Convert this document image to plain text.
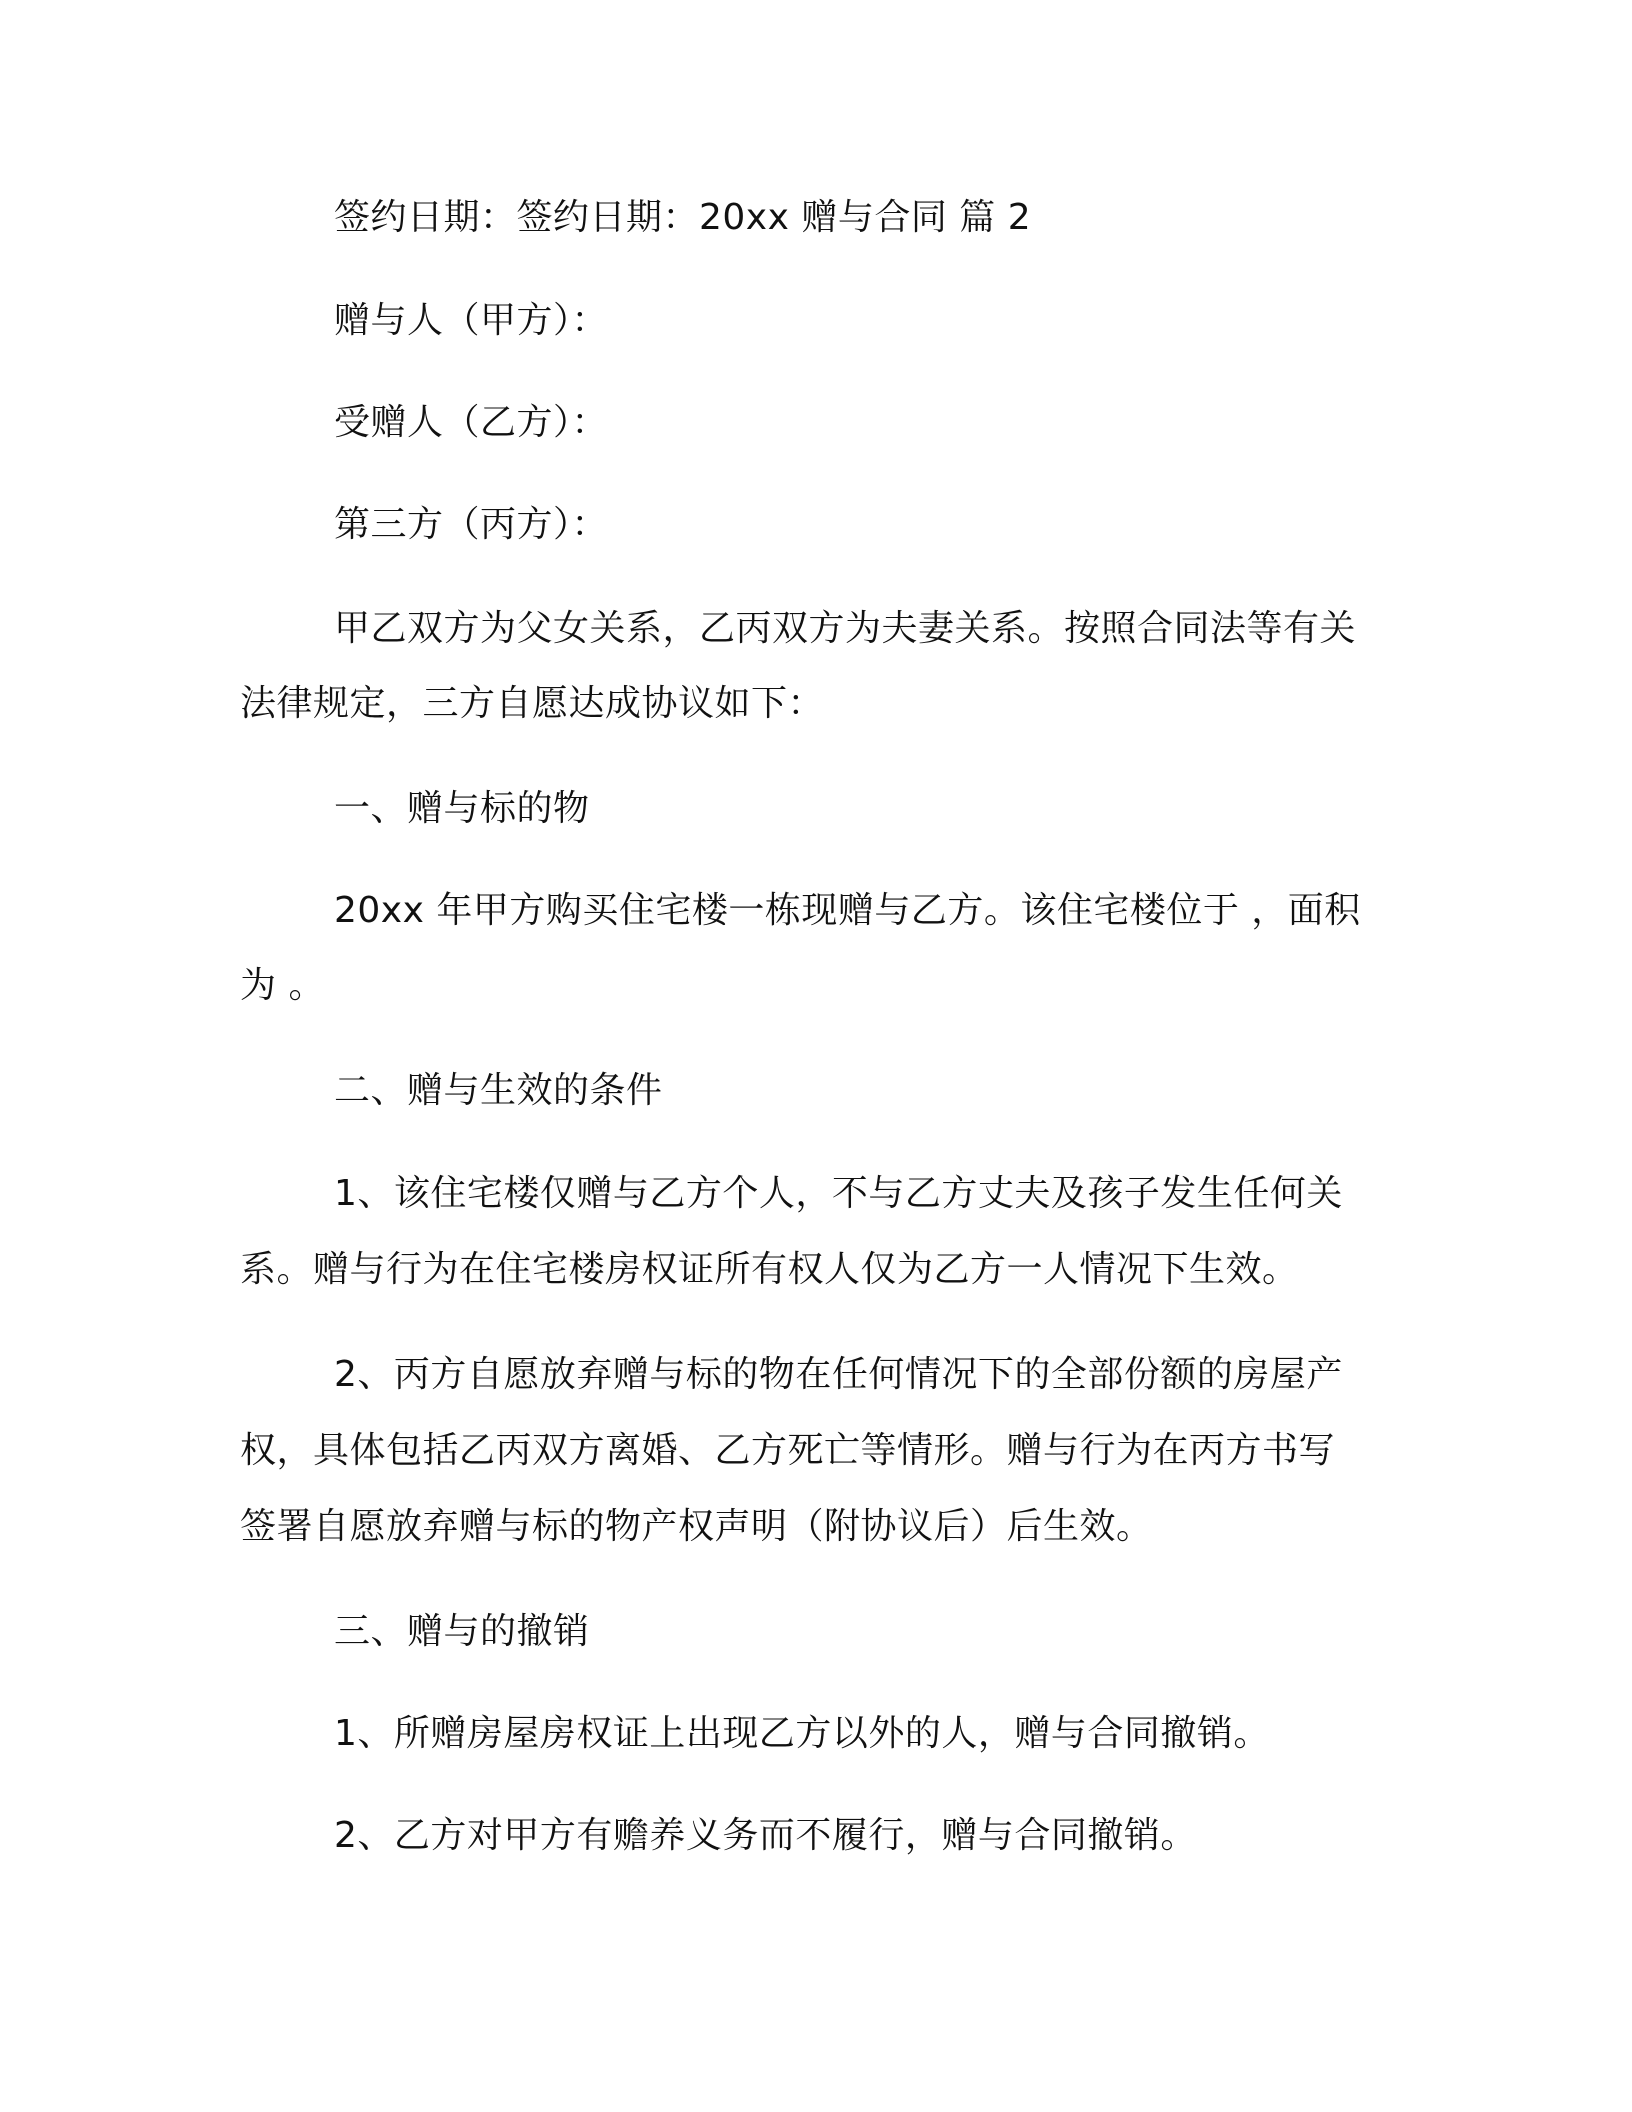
签约日期：签约日期：20xx 赠与合同 篇 2

赠与人（甲方）：

受赠人（乙方）：

第三方（丙方）：

甲乙双方为父女关系，乙丙双方为夫妻关系。按照合同法等有关

法律规定，三方自愿达成协议如下：

一、赠与标的物

20xx 年甲方购买住宅楼一栋现赠与乙方。该住宅楼位于 ，面积

为 。

二、赠与生效的条件

1、该住宅楼仅赠与乙方个人，不与乙方丈夫及孩子发生任何关

系。赠与行为在住宅楼房权证所有权人仅为乙方一人情况下生效。

2、丙方自愿放弃赠与标的物在任何情况下的全部份额的房屋产

权，具体包括乙丙双方离婚、乙方死亡等情形。赠与行为在丙方书写

签署自愿放弃赠与标的物产权声明（附协议后）后生效。

三、赠与的撤销

1、所赠房屋房权证上出现乙方以外的人，赠与合同撤销。

2、乙方对甲方有赡养义务而不履行，赠与合同撤销。
